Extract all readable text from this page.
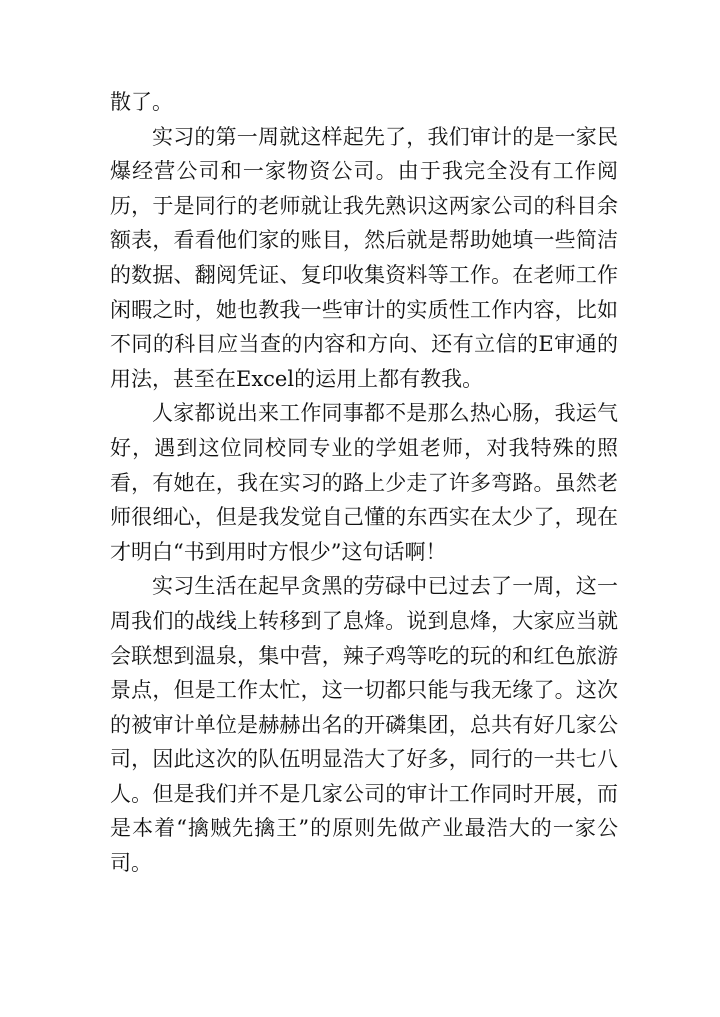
散了。

实习的第一周就这样起先了，我们审计的是一家民爆经营公司和一家物资公司。由于我完全没有工作阅历，于是同行的老师就让我先熟识这两家公司的科目余额表，看看他们家的账目，然后就是帮助她填一些简洁的数据、翻阅凭证、复印收集资料等工作。在老师工作闲暇之时，她也教我一些审计的实质性工作内容，比如不同的科目应当查的内容和方向、还有立信的E审通的用法，甚至在Excel的运用上都有教我。

人家都说出来工作同事都不是那么热心肠，我运气好，遇到这位同校同专业的学姐老师，对我特殊的照看，有她在，我在实习的路上少走了许多弯路。虽然老师很细心，但是我发觉自己懂的东西实在太少了，现在才明白“书到用时方恨少”这句话啊！

实习生活在起早贪黑的劳碌中已过去了一周，这一周我们的战线上转移到了息烽。说到息烽，大家应当就会联想到温泉，集中营，辣子鸡等吃的玩的和红色旅游景点，但是工作太忙，这一切都只能与我无缘了。这次的被审计单位是赫赫出名的开磷集团，总共有好几家公司，因此这次的队伍明显浩大了好多，同行的一共七八人。但是我们并不是几家公司的审计工作同时开展，而是本着“擒贼先擒王”的原则先做产业最浩大的一家公司。
